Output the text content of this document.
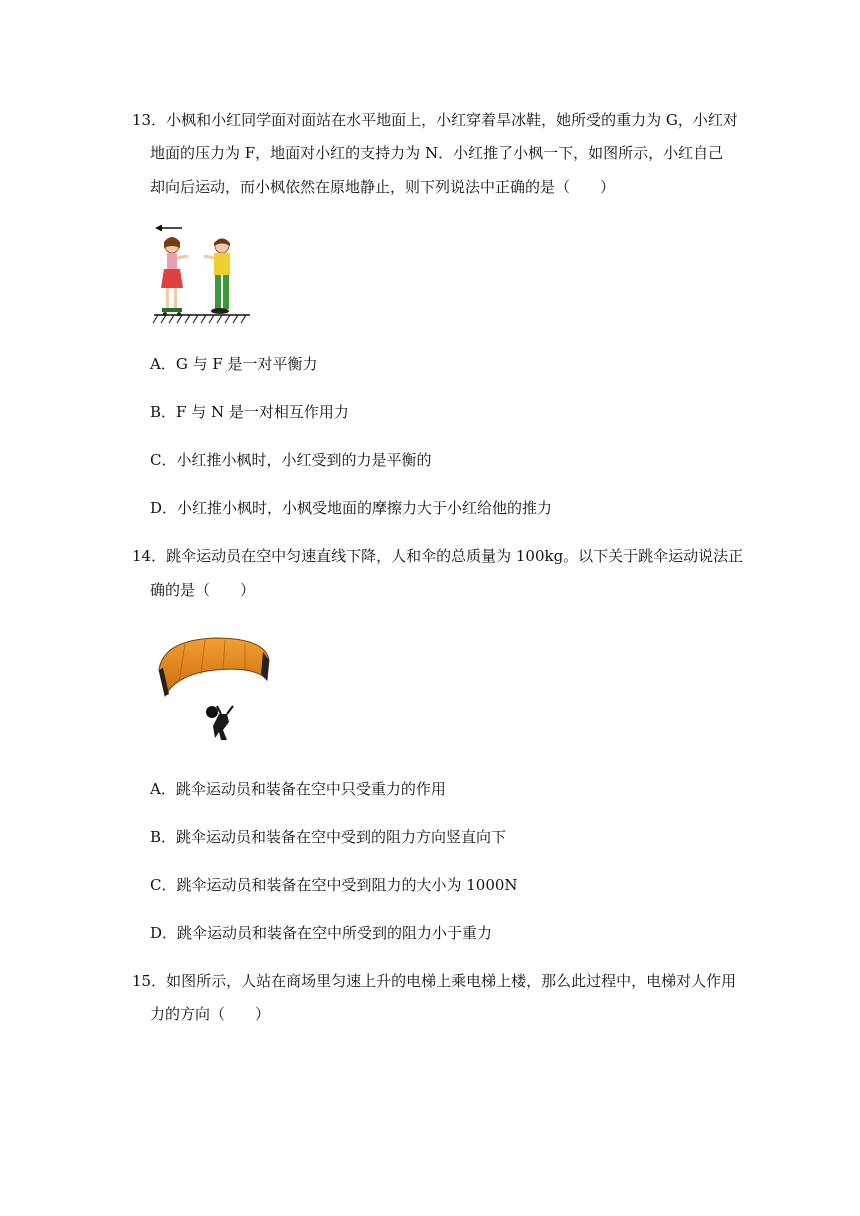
13．小枫和小红同学面对面站在水平地面上，小红穿着旱冰鞋，她所受的重力为 G，小红对
地面的压力为 F，地面对小红的支持力为 N．小红推了小枫一下，如图所示，小红自己
却向后运动，而小枫依然在原地静止，则下列说法中正确的是（　　）
A．G 与 F 是一对平衡力
B．F 与 N 是一对相互作用力
C．小红推小枫时，小红受到的力是平衡的
D．小红推小枫时，小枫受地面的摩擦力大于小红给他的推力
14．跳伞运动员在空中匀速直线下降，人和伞的总质量为 100kg。以下关于跳伞运动说法正
确的是（　　）
A．跳伞运动员和装备在空中只受重力的作用
B．跳伞运动员和装备在空中受到的阻力方向竖直向下
C．跳伞运动员和装备在空中受到阻力的大小为 1000N
D．跳伞运动员和装备在空中所受到的阻力小于重力
15．如图所示，人站在商场里匀速上升的电梯上乘电梯上楼，那么此过程中，电梯对人作用
力的方向（　　）
